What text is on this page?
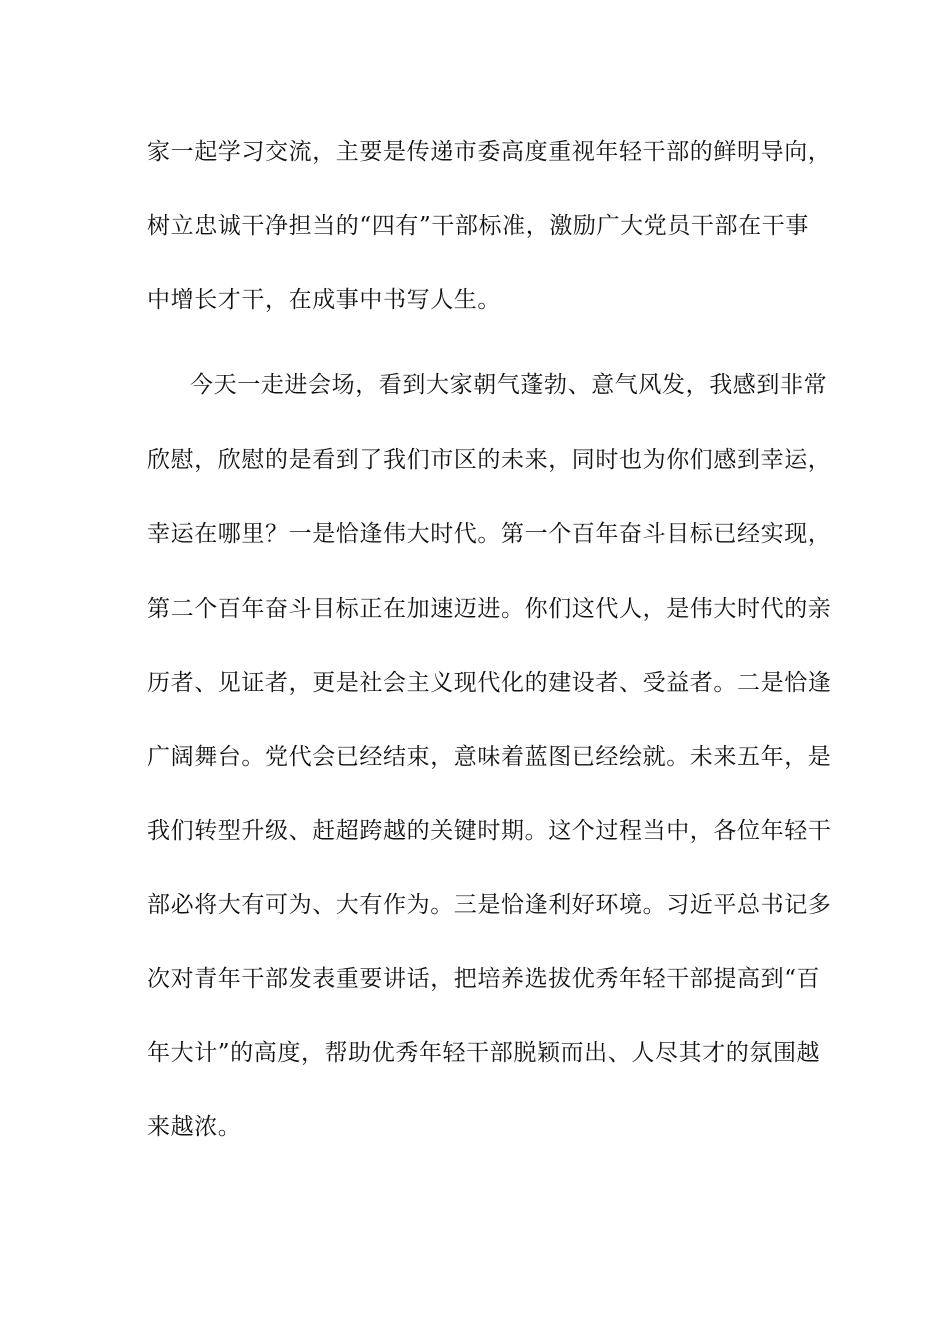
家一起学习交流，主要是传递市委高度重视年轻干部的鲜明导向，
树立忠诚干净担当的“四有”干部标准，激励广大党员干部在干事
中增长才干，在成事中书写人生。
今天一走进会场，看到大家朝气蓬勃、意气风发，我感到非常
欣慰，欣慰的是看到了我们市区的未来，同时也为你们感到幸运，
幸运在哪里？一是恰逢伟大时代。第一个百年奋斗目标已经实现，
第二个百年奋斗目标正在加速迈进。你们这代人，是伟大时代的亲
历者、见证者，更是社会主义现代化的建设者、受益者。二是恰逢
广阔舞台。党代会已经结束，意味着蓝图已经绘就。未来五年，是
我们转型升级、赶超跨越的关键时期。这个过程当中，各位年轻干
部必将大有可为、大有作为。三是恰逢利好环境。习近平总书记多
次对青年干部发表重要讲话，把培养选拔优秀年轻干部提高到“百
年大计”的高度，帮助优秀年轻干部脱颖而出、人尽其才的氛围越
来越浓。
